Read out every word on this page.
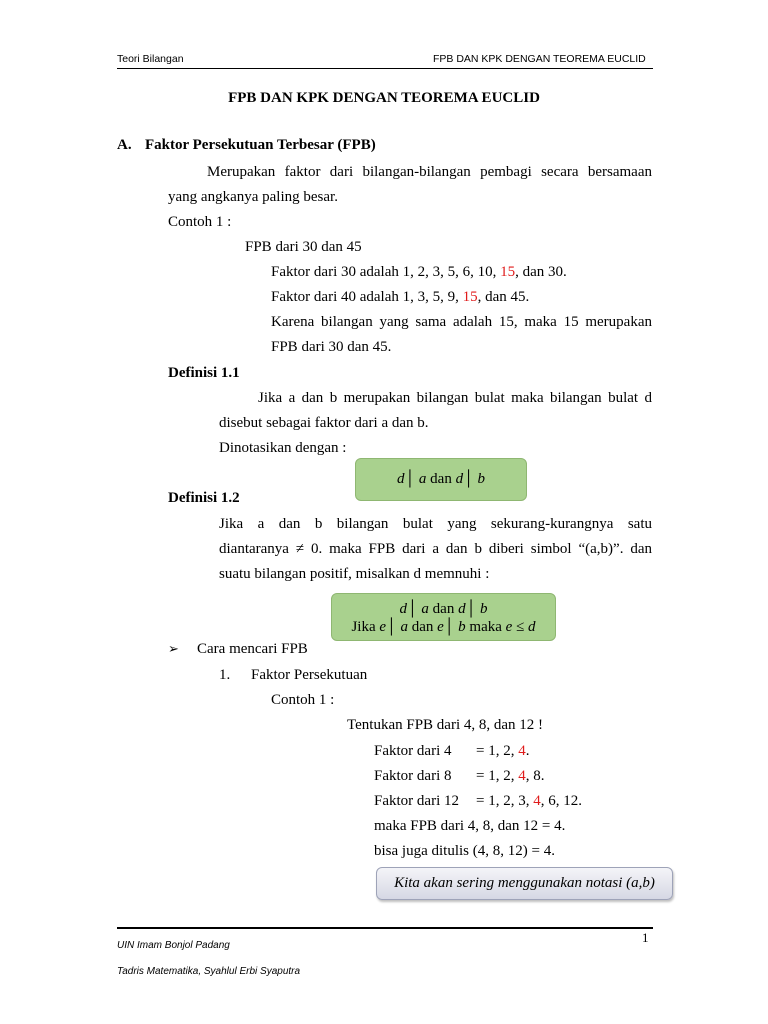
Teori Bilangan	FPB DAN KPK DENGAN TEOREMA EUCLID
FPB DAN KPK DENGAN TEOREMA EUCLID
A. Faktor Persekutuan Terbesar (FPB)
Merupakan faktor dari bilangan-bilangan pembagi secara bersamaan
yang angkanya paling besar.
Contoh 1 :
FPB dari 30 dan 45
Faktor dari 30 adalah 1, 2, 3, 5, 6, 10, 15, dan 30.
Faktor dari 40 adalah 1, 3, 5, 9, 15, dan 45.
Karena bilangan yang sama adalah 15, maka 15 merupakan
FPB dari 30 dan 45.
Definisi 1.1
Jika a dan b merupakan bilangan bulat maka bilangan bulat d
disebut sebagai faktor dari a dan b.
Dinotasikan dengan :
d│ a dan d│ b
Definisi 1.2
Jika a dan b bilangan bulat yang sekurang-kurangnya satu
diantaranya ≠ 0. maka FPB dari a dan b diberi simbol “(a,b)”. dan
suatu bilangan positif, misalkan d memnuhi :
d│ a dan d│ b
Jika e│ a dan e│ b maka e ≤ d
➢ Cara mencari FPB
1. Faktor Persekutuan
Contoh 1 :
Tentukan FPB dari 4, 8, dan 12 !
Faktor dari 4 = 1, 2, 4.
Faktor dari 8 = 1, 2, 4, 8.
Faktor dari 12 = 1, 2, 3, 4, 6, 12.
maka FPB dari 4, 8, dan 12 = 4.
bisa juga ditulis (4, 8, 12) = 4.
Kita akan sering menggunakan notasi (a,b)
1
UIN Imam Bonjol Padang
Tadris Matematika, Syahlul Erbi Syaputra
